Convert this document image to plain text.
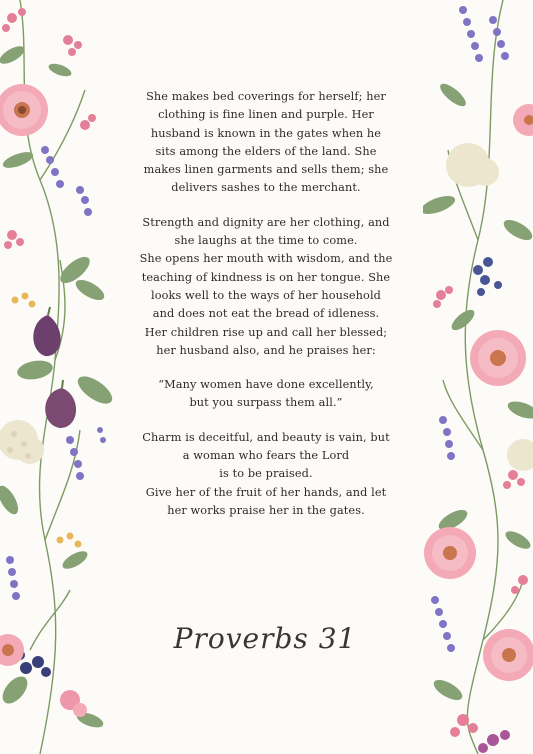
She makes bed coverings for herself; her
clothing is fine linen and purple. Her
husband is known in the gates when he
sits among the elders of the land. She
makes linen garments and sells them; she
delivers sashes to the merchant.
Strength and dignity are her clothing, and
she laughs at the time to come.
She opens her mouth with wisdom, and the
teaching of kindness is on her tongue. She
looks well to the ways of her household
and does not eat the bread of idleness.
Her children rise up and call her blessed;
her husband also, and he praises her:
“Many women have done excellently,
but you surpass them all.”
Charm is deceitful, and beauty is vain, but
a woman who fears the Lord
is to be praised.
Give her of the fruit of her hands, and let
her works praise her in the gates.
Proverbs 31
